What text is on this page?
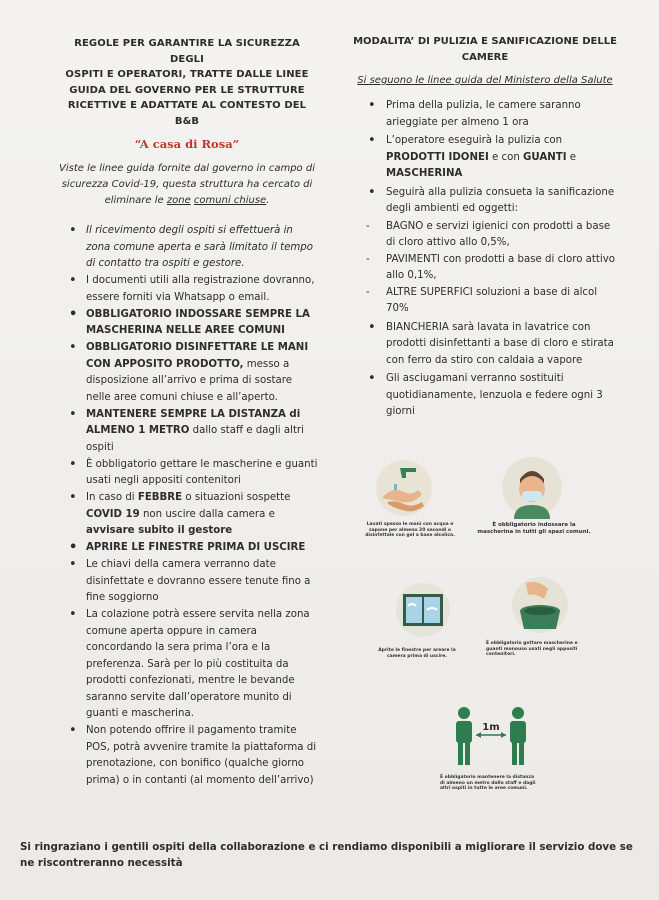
REGOLE PER GARANTIRE LA SICUREZZA DEGLI
OSPITI E OPERATORI, TRATTE DALLE LINEE
GUIDA DEL GOVERNO PER LE STRUTTURE
RICETTIVE E ADATTATE AL CONTESTO DEL B&B
“A casa di Rosa”
Viste le linee guida fornite dal governo in campo di sicurezza Covid-19, questa struttura ha cercato di eliminare le zone comuni chiuse.
• Il ricevimento degli ospiti si effettuerà in zona comune aperta e sarà limitato il tempo di contatto tra ospiti e gestore.
• I documenti utili alla registrazione dovranno, essere forniti via Whatsapp o email.
• OBBLIGATORIO INDOSSARE SEMPRE LA MASCHERINA NELLE AREE COMUNI
• OBBLIGATORIO DISINFETTARE LE MANI CON APPOSITO PRODOTTO, messo a disposizione all’arrivo e prima di sostare nelle aree comuni chiuse e all’aperto.
• MANTENERE SEMPRE LA DISTANZA di ALMENO 1 METRO dallo staff e dagli altri ospiti
• È obbligatorio gettare le mascherine e guanti usati negli appositi contenitori
• In caso di FEBBRE o situazioni sospette COVID 19 non uscire dalla camera e avvisare subito il gestore
• APRIRE LE FINESTRE PRIMA DI USCIRE
• Le chiavi della camera verranno date disinfettate e dovranno essere tenute fino a fine soggiorno
• La colazione potrà essere servita nella zona comune aperta oppure in camera concordando la sera prima l’ora e la preferenza. Sarà per lo più costituita da prodotti confezionati, mentre le bevande saranno servite dall’operatore munito di guanti e mascherina.
• Non potendo offrire il pagamento tramite POS, potrà avvenire tramite la piattaforma di prenotazione, con bonifico (qualche giorno prima) o in contanti (al momento dell’arrivo)
MODALITA’ DI PULIZIA E SANIFICAZIONE DELLE
CAMERE
Si seguono le linee guida del Ministero della Salute
• Prima della pulizia, le camere saranno arieggiate per almeno 1 ora
• L’operatore eseguirà la pulizia con PRODOTTI IDONEI e con GUANTI e MASCHERINA
• Seguirà alla pulizia consueta la sanificazione degli ambienti ed oggetti:
- BAGNO e servizi igienici con prodotti a base di cloro attivo allo 0,5%,
- PAVIMENTI con prodotti a base di cloro attivo allo 0,1%,
- ALTRE SUPERFICI soluzioni a base di alcol 70%
• BIANCHERIA sarà lavata in lavatrice con prodotti disinfettanti a base di cloro e stirata con ferro da stiro con caldaia a vapore
• Gli asciugamani verranno sostituiti quotidianamente, lenzuola e federe ogni 3 giorni
Lavati spesso le mani con acqua e sapone per almeno 20 secondi o disinfettale con gel a base alcolica.
È obbligatorio indossare la mascherina in tutti gli spazi comuni.
Aprite le finestre per areare la camera prima di uscire.
È obbligatorio gettare mascherine e guanti monouso usati negli appositi contenitori.
1m
È obbligatorio mantenere la distanza di almeno un metro dallo staff e dagli altri ospiti in tutte le aree comuni.
Si ringraziano i gentili ospiti della collaborazione e ci rendiamo disponibili a migliorare il servizio dove se ne riscontreranno necessità
